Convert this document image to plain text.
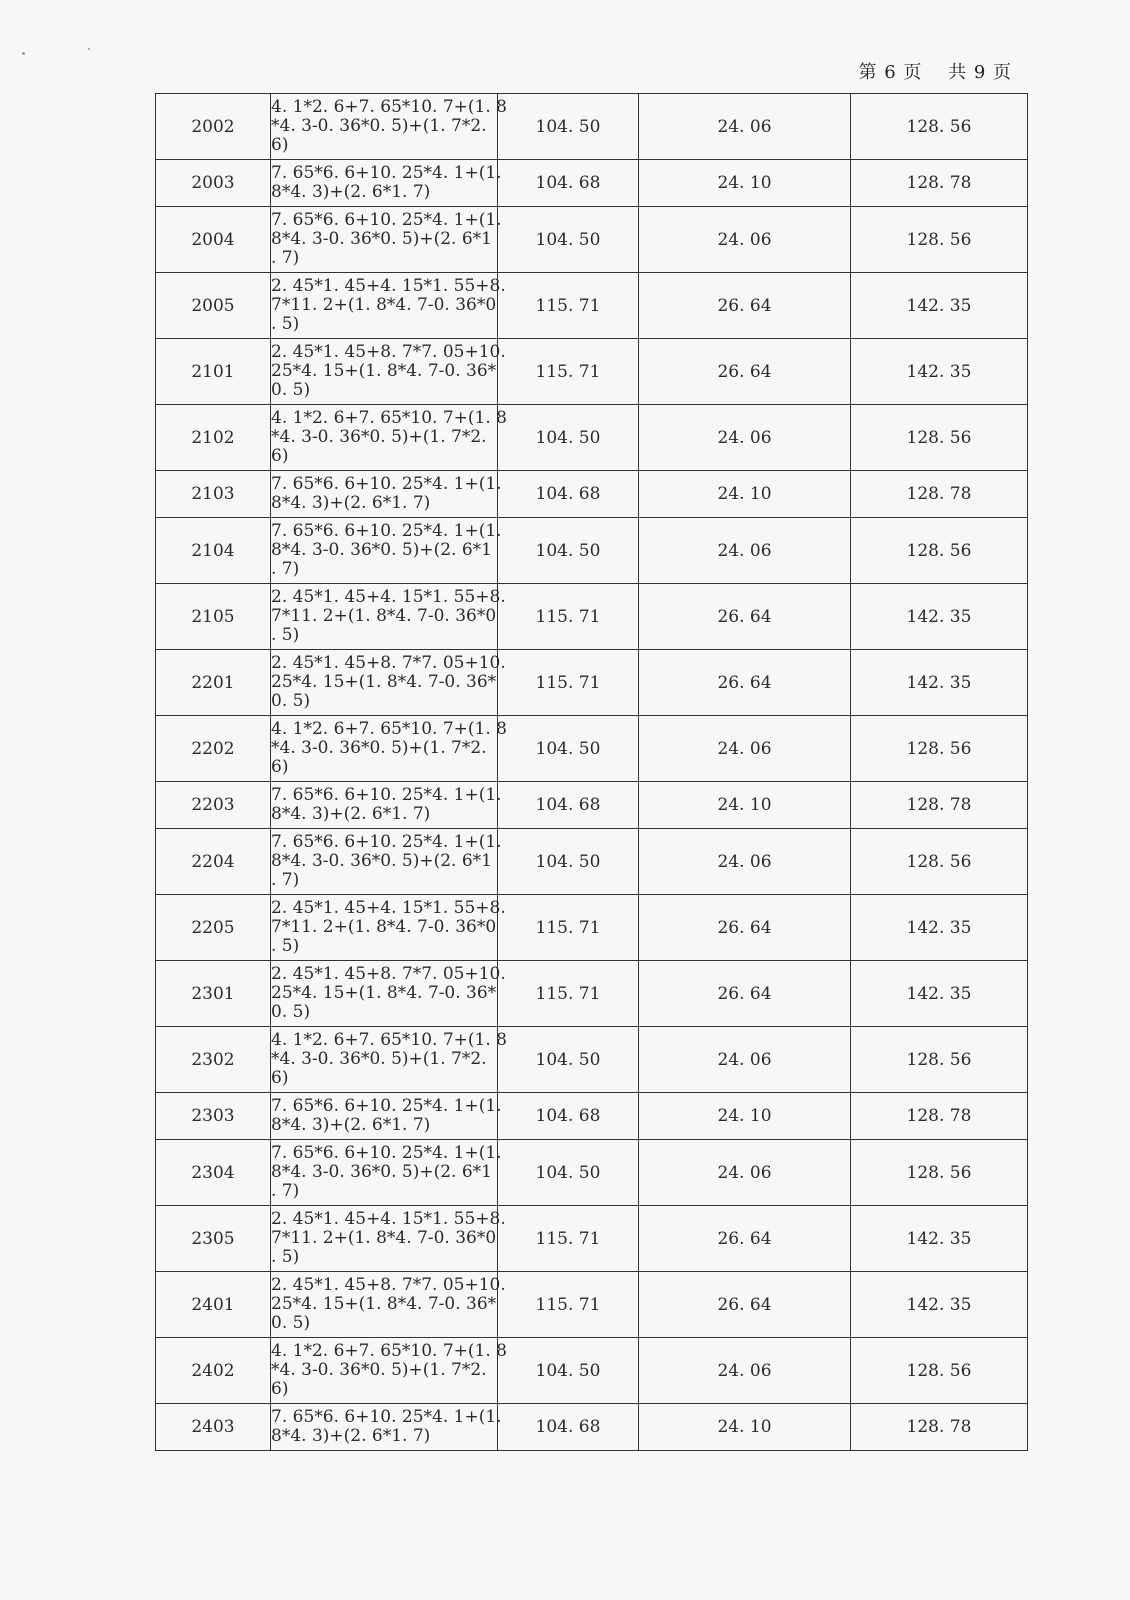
第 6 页　 共 9 页
2002	4. 1*2. 6+7. 65*10. 7+(1. 8
*4. 3-0. 36*0. 5)+(1. 7*2.
6)	104. 50	24. 06	128. 56
2003	7. 65*6. 6+10. 25*4. 1+(1.
8*4. 3)+(2. 6*1. 7)	104. 68	24. 10	128. 78
2004	7. 65*6. 6+10. 25*4. 1+(1.
8*4. 3-0. 36*0. 5)+(2. 6*1
. 7)	104. 50	24. 06	128. 56
2005	2. 45*1. 45+4. 15*1. 55+8.
7*11. 2+(1. 8*4. 7-0. 36*0
. 5)	115. 71	26. 64	142. 35
2101	2. 45*1. 45+8. 7*7. 05+10.
25*4. 15+(1. 8*4. 7-0. 36*
0. 5)	115. 71	26. 64	142. 35
2102	4. 1*2. 6+7. 65*10. 7+(1. 8
*4. 3-0. 36*0. 5)+(1. 7*2.
6)	104. 50	24. 06	128. 56
2103	7. 65*6. 6+10. 25*4. 1+(1.
8*4. 3)+(2. 6*1. 7)	104. 68	24. 10	128. 78
2104	7. 65*6. 6+10. 25*4. 1+(1.
8*4. 3-0. 36*0. 5)+(2. 6*1
. 7)	104. 50	24. 06	128. 56
2105	2. 45*1. 45+4. 15*1. 55+8.
7*11. 2+(1. 8*4. 7-0. 36*0
. 5)	115. 71	26. 64	142. 35
2201	2. 45*1. 45+8. 7*7. 05+10.
25*4. 15+(1. 8*4. 7-0. 36*
0. 5)	115. 71	26. 64	142. 35
2202	4. 1*2. 6+7. 65*10. 7+(1. 8
*4. 3-0. 36*0. 5)+(1. 7*2.
6)	104. 50	24. 06	128. 56
2203	7. 65*6. 6+10. 25*4. 1+(1.
8*4. 3)+(2. 6*1. 7)	104. 68	24. 10	128. 78
2204	7. 65*6. 6+10. 25*4. 1+(1.
8*4. 3-0. 36*0. 5)+(2. 6*1
. 7)	104. 50	24. 06	128. 56
2205	2. 45*1. 45+4. 15*1. 55+8.
7*11. 2+(1. 8*4. 7-0. 36*0
. 5)	115. 71	26. 64	142. 35
2301	2. 45*1. 45+8. 7*7. 05+10.
25*4. 15+(1. 8*4. 7-0. 36*
0. 5)	115. 71	26. 64	142. 35
2302	4. 1*2. 6+7. 65*10. 7+(1. 8
*4. 3-0. 36*0. 5)+(1. 7*2.
6)	104. 50	24. 06	128. 56
2303	7. 65*6. 6+10. 25*4. 1+(1.
8*4. 3)+(2. 6*1. 7)	104. 68	24. 10	128. 78
2304	7. 65*6. 6+10. 25*4. 1+(1.
8*4. 3-0. 36*0. 5)+(2. 6*1
. 7)	104. 50	24. 06	128. 56
2305	2. 45*1. 45+4. 15*1. 55+8.
7*11. 2+(1. 8*4. 7-0. 36*0
. 5)	115. 71	26. 64	142. 35
2401	2. 45*1. 45+8. 7*7. 05+10.
25*4. 15+(1. 8*4. 7-0. 36*
0. 5)	115. 71	26. 64	142. 35
2402	4. 1*2. 6+7. 65*10. 7+(1. 8
*4. 3-0. 36*0. 5)+(1. 7*2.
6)	104. 50	24. 06	128. 56
2403	7. 65*6. 6+10. 25*4. 1+(1.
8*4. 3)+(2. 6*1. 7)	104. 68	24. 10	128. 78
